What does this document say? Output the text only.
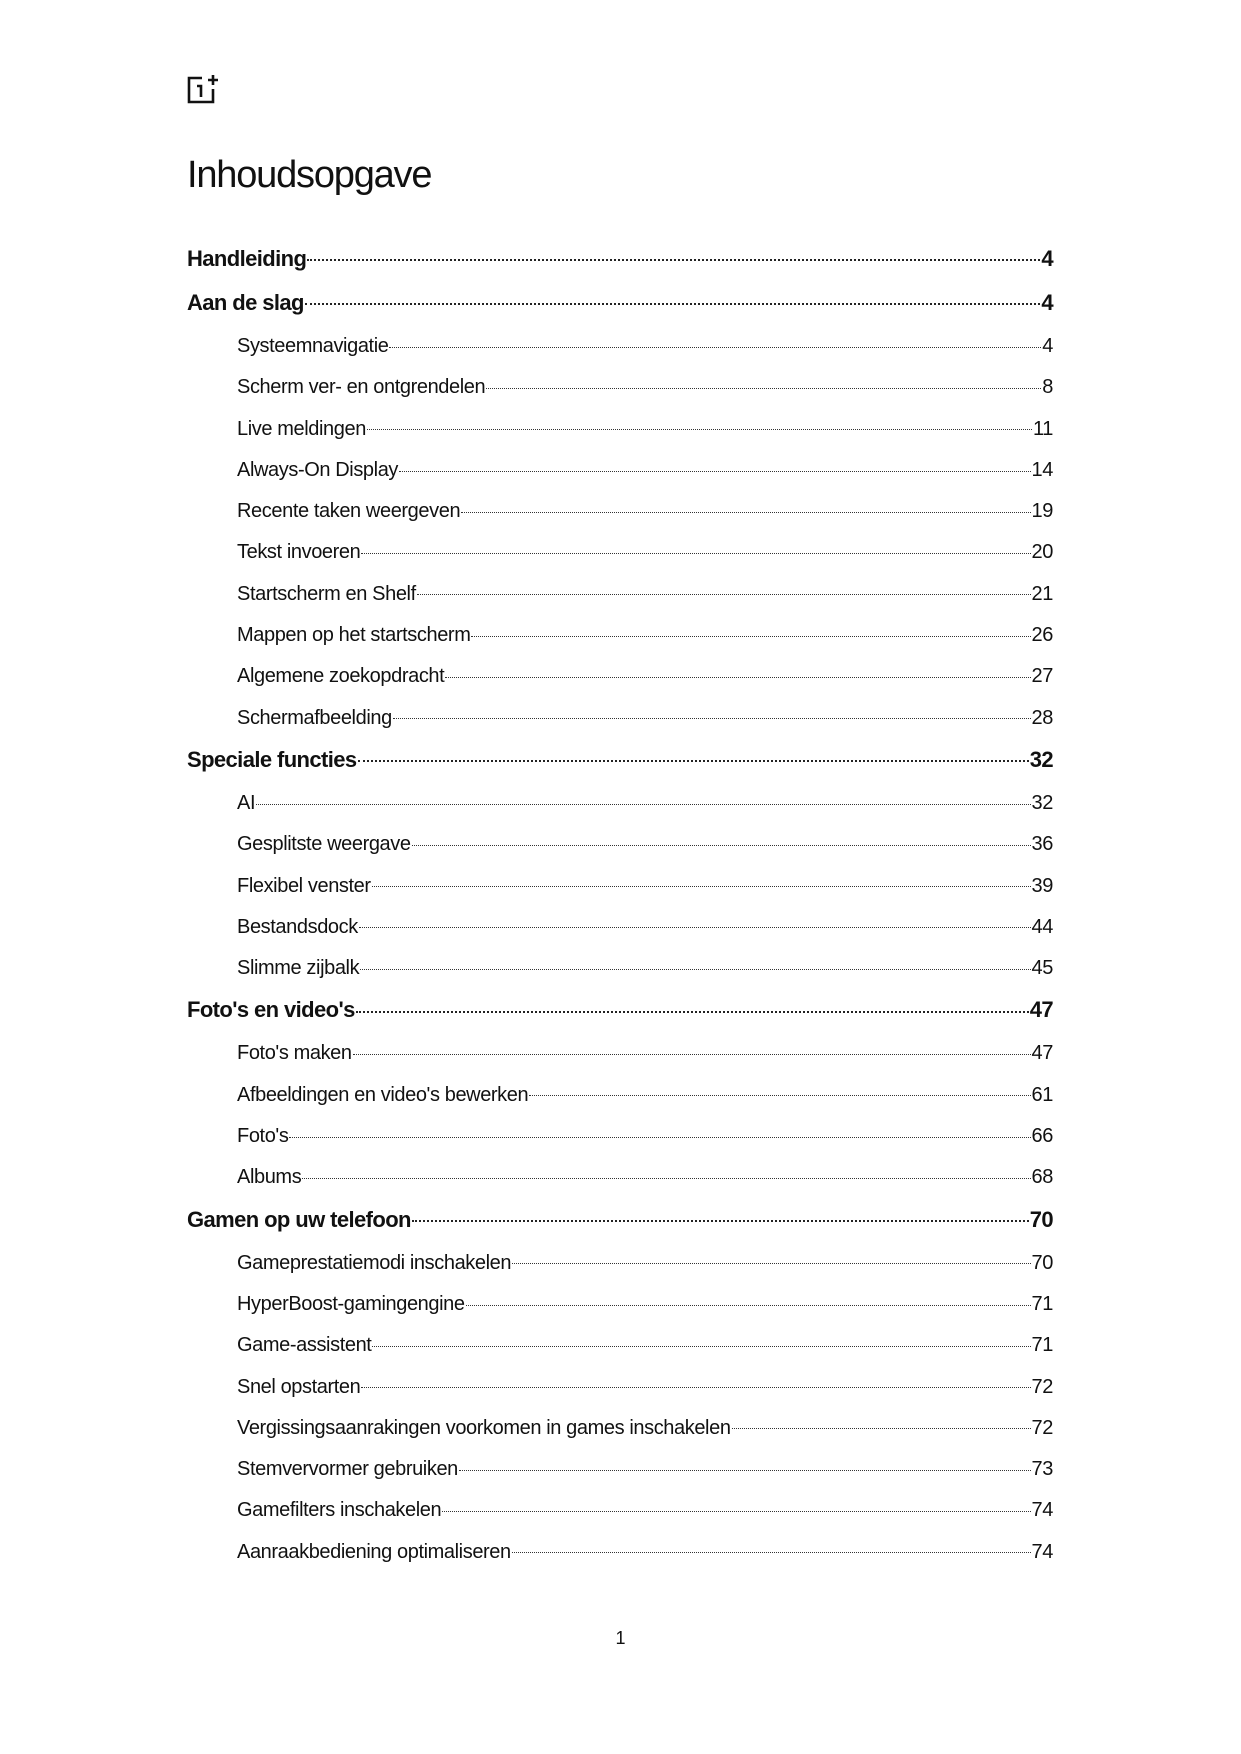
Inhoudsopgave
Handleiding	4
Aan de slag	4
Systeemnavigatie	4
Scherm ver- en ontgrendelen	8
Live meldingen	11
Always-On Display	14
Recente taken weergeven	19
Tekst invoeren	20
Startscherm en Shelf	21
Mappen op het startscherm	26
Algemene zoekopdracht	27
Schermafbeelding	28
Speciale functies	32
AI	32
Gesplitste weergave	36
Flexibel venster	39
Bestandsdock	44
Slimme zijbalk	45
Foto's en video's	47
Foto's maken	47
Afbeeldingen en video's bewerken	61
Foto's	66
Albums	68
Gamen op uw telefoon	70
Gameprestatiemodi inschakelen	70
HyperBoost-gamingengine	71
Game-assistent	71
Snel opstarten	72
Vergissingsaanrakingen voorkomen in games inschakelen	72
Stemvervormer gebruiken	73
Gamefilters inschakelen	74
Aanraakbediening optimaliseren	74
1
